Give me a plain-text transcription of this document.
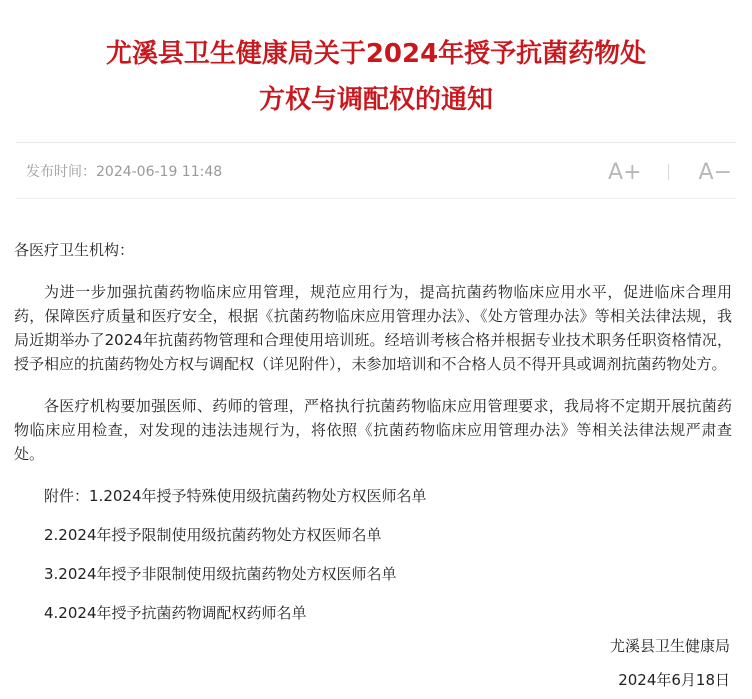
尤溪县卫生健康局关于2024年授予抗菌药物处
方权与调配权的通知
发布时间：2024-06-19 11:48	A+	A−

各医疗卫生机构：

为进一步加强抗菌药物临床应用管理，规范应用行为，提高抗菌药物临床应用水平，促进临床合理用药，保障医疗质量和医疗安全，根据《抗菌药物临床应用管理办法》、《处方管理办法》等相关法律法规，我局近期举办了2024年抗菌药物管理和合理使用培训班。经培训考核合格并根据专业技术职务任职资格情况，授予相应的抗菌药物处方权与调配权（详见附件），未参加培训和不合格人员不得开具或调剂抗菌药物处方。

各医疗机构要加强医师、药师的管理，严格执行抗菌药物临床应用管理要求，我局将不定期开展抗菌药物临床应用检查，对发现的违法违规行为，将依照《抗菌药物临床应用管理办法》等相关法律法规严肃查处。

附件：1.2024年授予特殊使用级抗菌药物处方权医师名单

2.2024年授予限制使用级抗菌药物处方权医师名单

3.2024年授予非限制使用级抗菌药物处方权医师名单

4.2024年授予抗菌药物调配权药师名单

尤溪县卫生健康局
2024年6月18日
